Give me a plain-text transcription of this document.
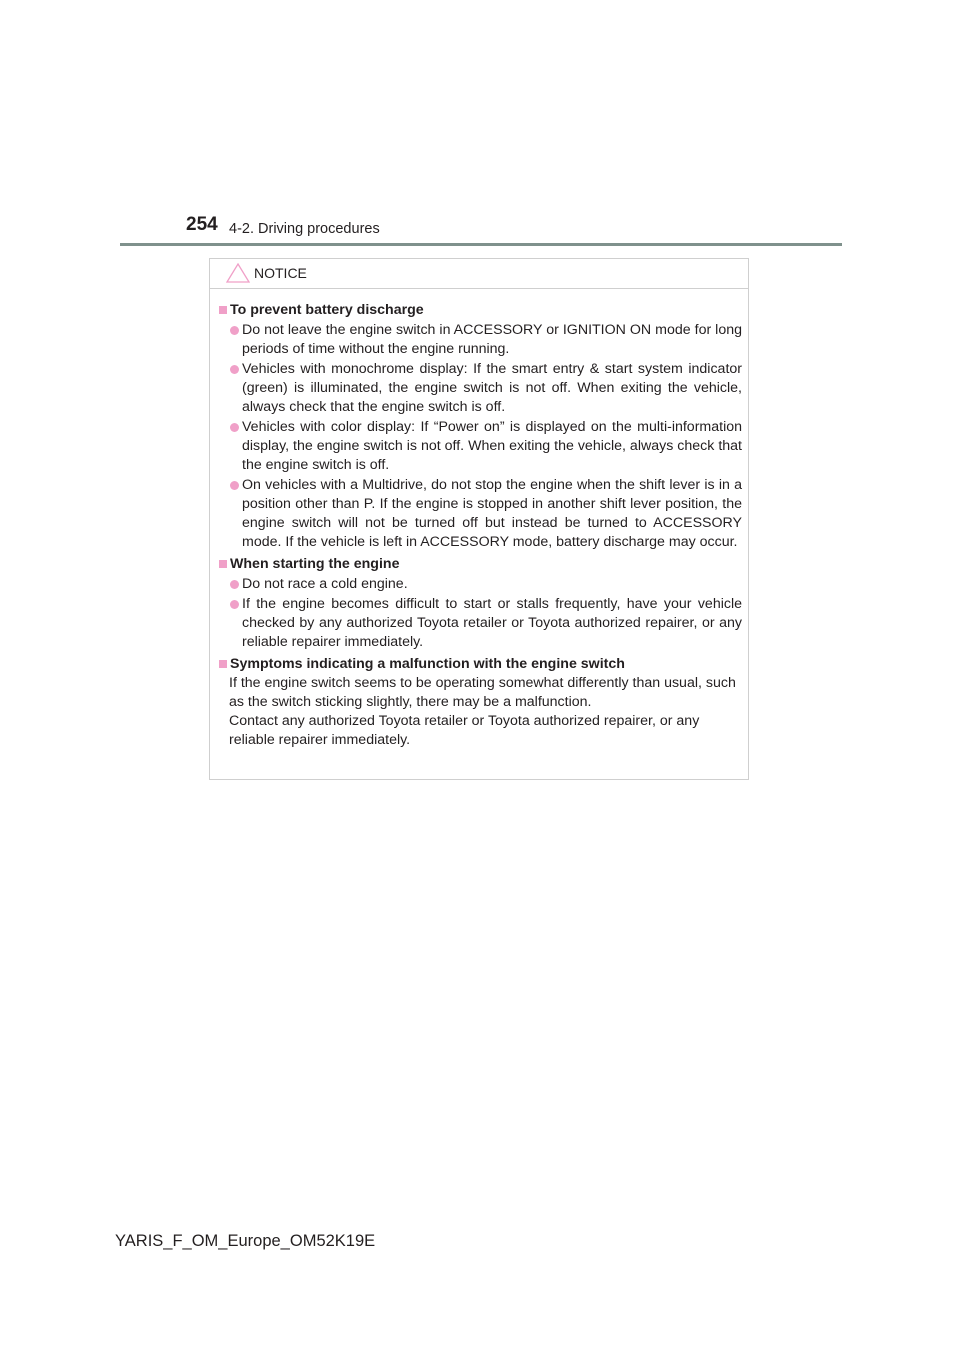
254 4-2. Driving procedures
NOTICE
To prevent battery discharge
Do not leave the engine switch in ACCESSORY or IGNITION ON mode for long periods of time without the engine running.
Vehicles with monochrome display: If the smart entry & start system indicator (green) is illuminated, the engine switch is not off. When exiting the vehicle, always check that the engine switch is off.
Vehicles with color display: If “Power on” is displayed on the multi-information display, the engine switch is not off. When exiting the vehicle, always check that the engine switch is off.
On vehicles with a Multidrive, do not stop the engine when the shift lever is in a position other than P. If the engine is stopped in another shift lever position, the engine switch will not be turned off but instead be turned to ACCESSORY mode. If the vehicle is left in ACCESSORY mode, battery discharge may occur.
When starting the engine
Do not race a cold engine.
If the engine becomes difficult to start or stalls frequently, have your vehicle checked by any authorized Toyota retailer or Toyota authorized repairer, or any reliable repairer immediately.
Symptoms indicating a malfunction with the engine switch

If the engine switch seems to be operating somewhat differently than usual, such as the switch sticking slightly, there may be a malfunction.

Contact any authorized Toyota retailer or Toyota authorized repairer, or any reliable repairer immediately.

YARIS_F_OM_Europe_OM52K19E
